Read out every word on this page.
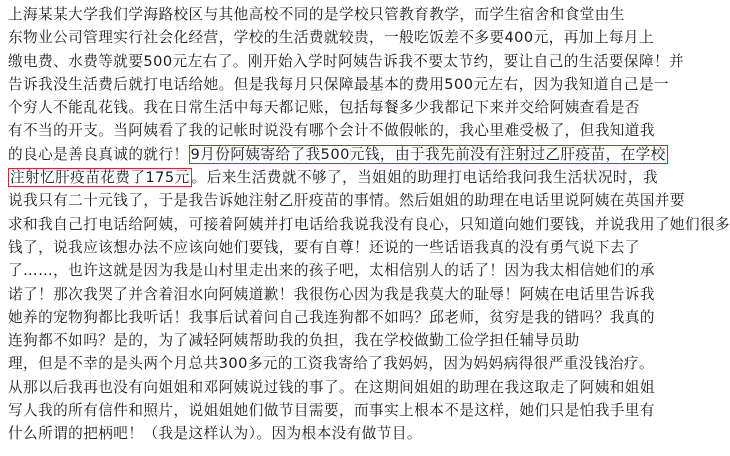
上海某某大学我们学海路校区与其他高校不同的是学校只管教育教学，而学生宿舍和食堂由生
东物业公司管理实行社会化经营，学校的生活费就较贵，一般吃饭差不多要400元，再加上每月上
缴电费、水费等就要500元左右了。刚开始入学时阿姨告诉我不要太节约，要让自己的生活要保障！并
告诉我没生活费后就打电话给她。但是我每月只保障最基本的费用500元左右，因为我知道自己是一
个穷人不能乱花钱。我在日常生活中每天都记账，包括每餐多少我都记下来并交给阿姨查看是否
有不当的开支。当阿姨看了我的记帐时说没有哪个会计不做假帐的，我心里难受极了，但我知道我
的良心是善良真诚的就行！ 9月份阿姨寄给了我500元钱，由于我先前没有注射过乙肝疫苗，在学校
注射忆肝疫苗花费了175元 。后来生活费就不够了，当姐姐的助理打电话给我问我生活状况时，我
说我只有二十元钱了，于是我告诉她注射乙肝疫苗的事情。然后姐姐的助理在电话里说阿姨在英国并要
求和我自己打电话给阿姨，可接着阿姨并打电话给我说我没有良心，只知道向她们要钱，并说我用了她们很多
钱了，说我应该想办法不应该向她们要钱，要有自尊！还说的一些话语我真的没有勇气说下去了
了……，也许这就是因为我是山村里走出来的孩子吧，太相信别人的话了！因为我太相信她们的承
诺了！那次我哭了并含着泪水向阿姨道歉！我很伤心因为我是我莫大的耻辱！阿姨在电话里告诉我
她养的宠物狗都比我听话！我事后试着问自己我连狗都不如吗？邱老师，贫穷是我的错吗？我真的
连狗都不如吗？是的，为了减轻阿姨帮助我的负担，我在学校做勤工俭学担任辅导员助
理，但是不幸的是头两个月总共300多元的工资我寄给了我妈妈，因为妈妈病得很严重没钱治疗。
从那以后我再也没有向姐姐和邓阿姨说过钱的事了。在这期间姐姐的助理在我这取走了阿姨和姐姐
写人我的所有信件和照片，说姐姐她们做节目需要，而事实上根本不是这样，她们只是怕我手里有
什么所谓的把柄吧！（我是这样认为）。因为根本没有做节目。
